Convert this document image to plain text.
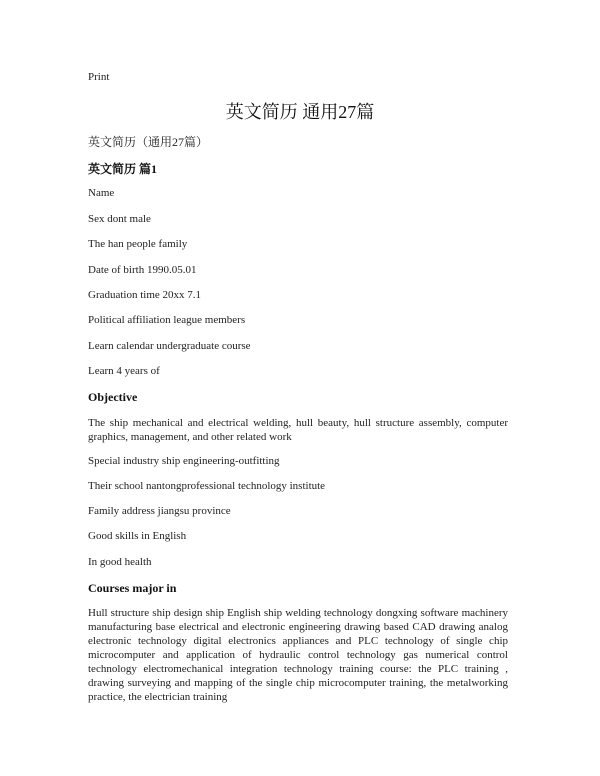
Print
英文简历 通用27篇
英文简历（通用27篇）
英文简历 篇1
Name
Sex dont male
The han people family
Date of birth 1990.05.01
Graduation time 20xx 7.1
Political affiliation league members
Learn calendar undergraduate course
Learn 4 years of
Objective
The ship mechanical and electrical welding, hull beauty, hull structure assembly, computer graphics, management, and other related work
Special industry ship engineering-outfitting
Their school nantongprofessional technology institute
Family address jiangsu province
Good skills in English
In good health
Courses major in
Hull structure ship design ship English ship welding technology dongxing software machinery manufacturing base electrical and electronic engineering drawing based CAD drawing analog electronic technology digital electronics appliances and PLC technology of single chip microcomputer and application of hydraulic control technology gas numerical control technology electromechanical integration technology training course: the PLC training , drawing surveying and mapping of the single chip microcomputer training, the metalworking practice, the electrician training
